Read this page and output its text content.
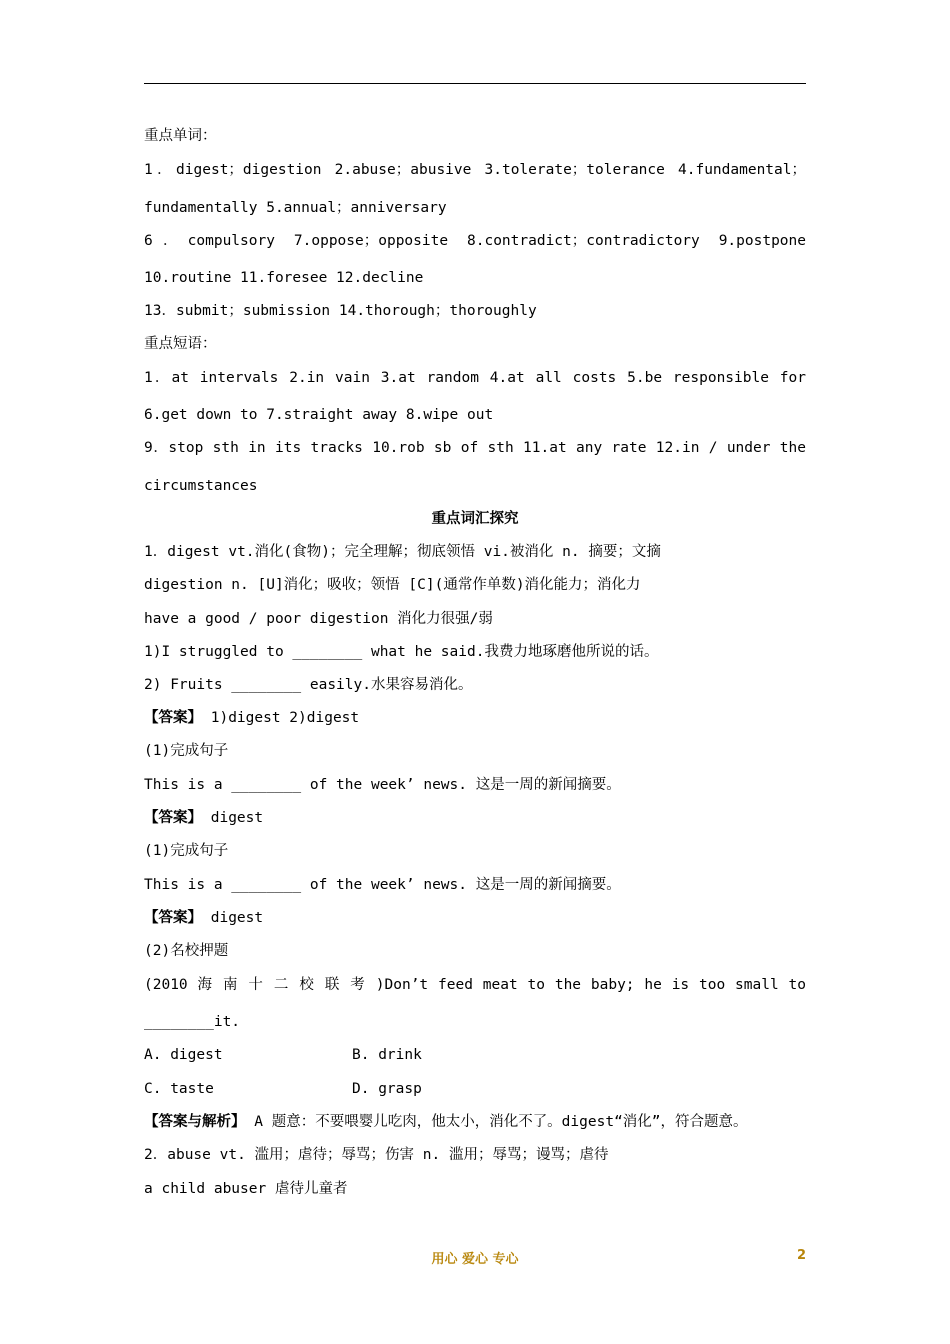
重点单词：
1．digest；digestion 2.abuse；abusive 3.tolerate；tolerance 4.fundamental；
fundamentally 5.annual；anniversary
6．compulsory 7.oppose；opposite 8.contradict；contradictory 9.postpone
10.routine 11.foresee 12.decline
13．submit；submission 14.thorough；thoroughly
重点短语：
1．at intervals 2.in vain 3.at random 4.at all costs 5.be responsible for
6.get down to 7.straight away 8.wipe out
9．stop sth in its tracks 10.rob sb of sth 11.at any rate 12.in / under the
circumstances
重点词汇探究
1．digest vt.消化(食物)；完全理解；彻底领悟 vi.被消化 n. 摘要；文摘
digestion n. [U]消化；吸收；领悟 [C](通常作单数)消化能力；消化力
have a good / poor digestion 消化力很强/弱
1)I struggled to ________ what he said.我费力地琢磨他所说的话。
2) Fruits ________ easily.水果容易消化。
【答案】 1)digest 2)digest
(1)完成句子
This is a ________ of the week’ news. 这是一周的新闻摘要。
【答案】 digest
(1)完成句子
This is a ________ of the week’ news. 这是一周的新闻摘要。
【答案】 digest
(2)名校押题
(2010 海 南 十 二 校 联 考 )Don’t feed meat to the baby; he is too small to
________it.
A. digest	B. drink
C. taste	D. grasp
【答案与解析】 A 题意：不要喂婴儿吃肉，他太小，消化不了。digest“消化”，符合题意。
2．abuse vt. 滥用；虐待；辱骂；伤害 n. 滥用；辱骂；谩骂；虐待
a child abuser 虐待儿童者
用心 爱心 专心	2
